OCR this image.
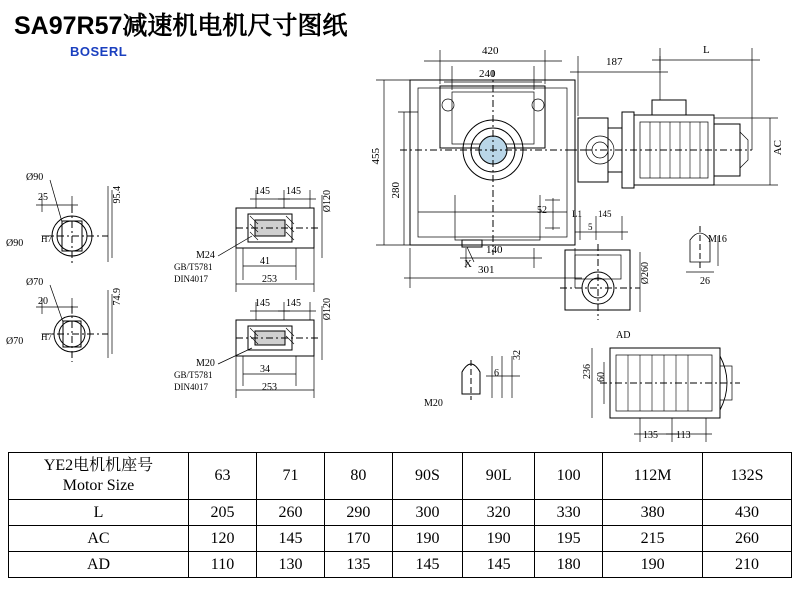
SA97R57减速机电机尺寸图纸
BOSERL
Ø90
25	95.4
Ø90 H7
Ø70
20	74.9
Ø70 H7
145 145 Ø120
M24
GB/T5781
DIN4017
41
253
145 145 Ø120
M20
GB/T5781
DIN4017
34
253
420
240
187
L
455
280
AC
52
140
301
X
L1 145
5
M16
26
Ø260
AD
32
6
M20
236 60
135 113
YE2电机机座号
Motor Size	63	71	80	90S	90L	100	112M	132S
L	205	260	290	300	320	330	380	430
AC	120	145	170	190	190	195	215	260
AD	110	130	135	145	145	180	190	210
